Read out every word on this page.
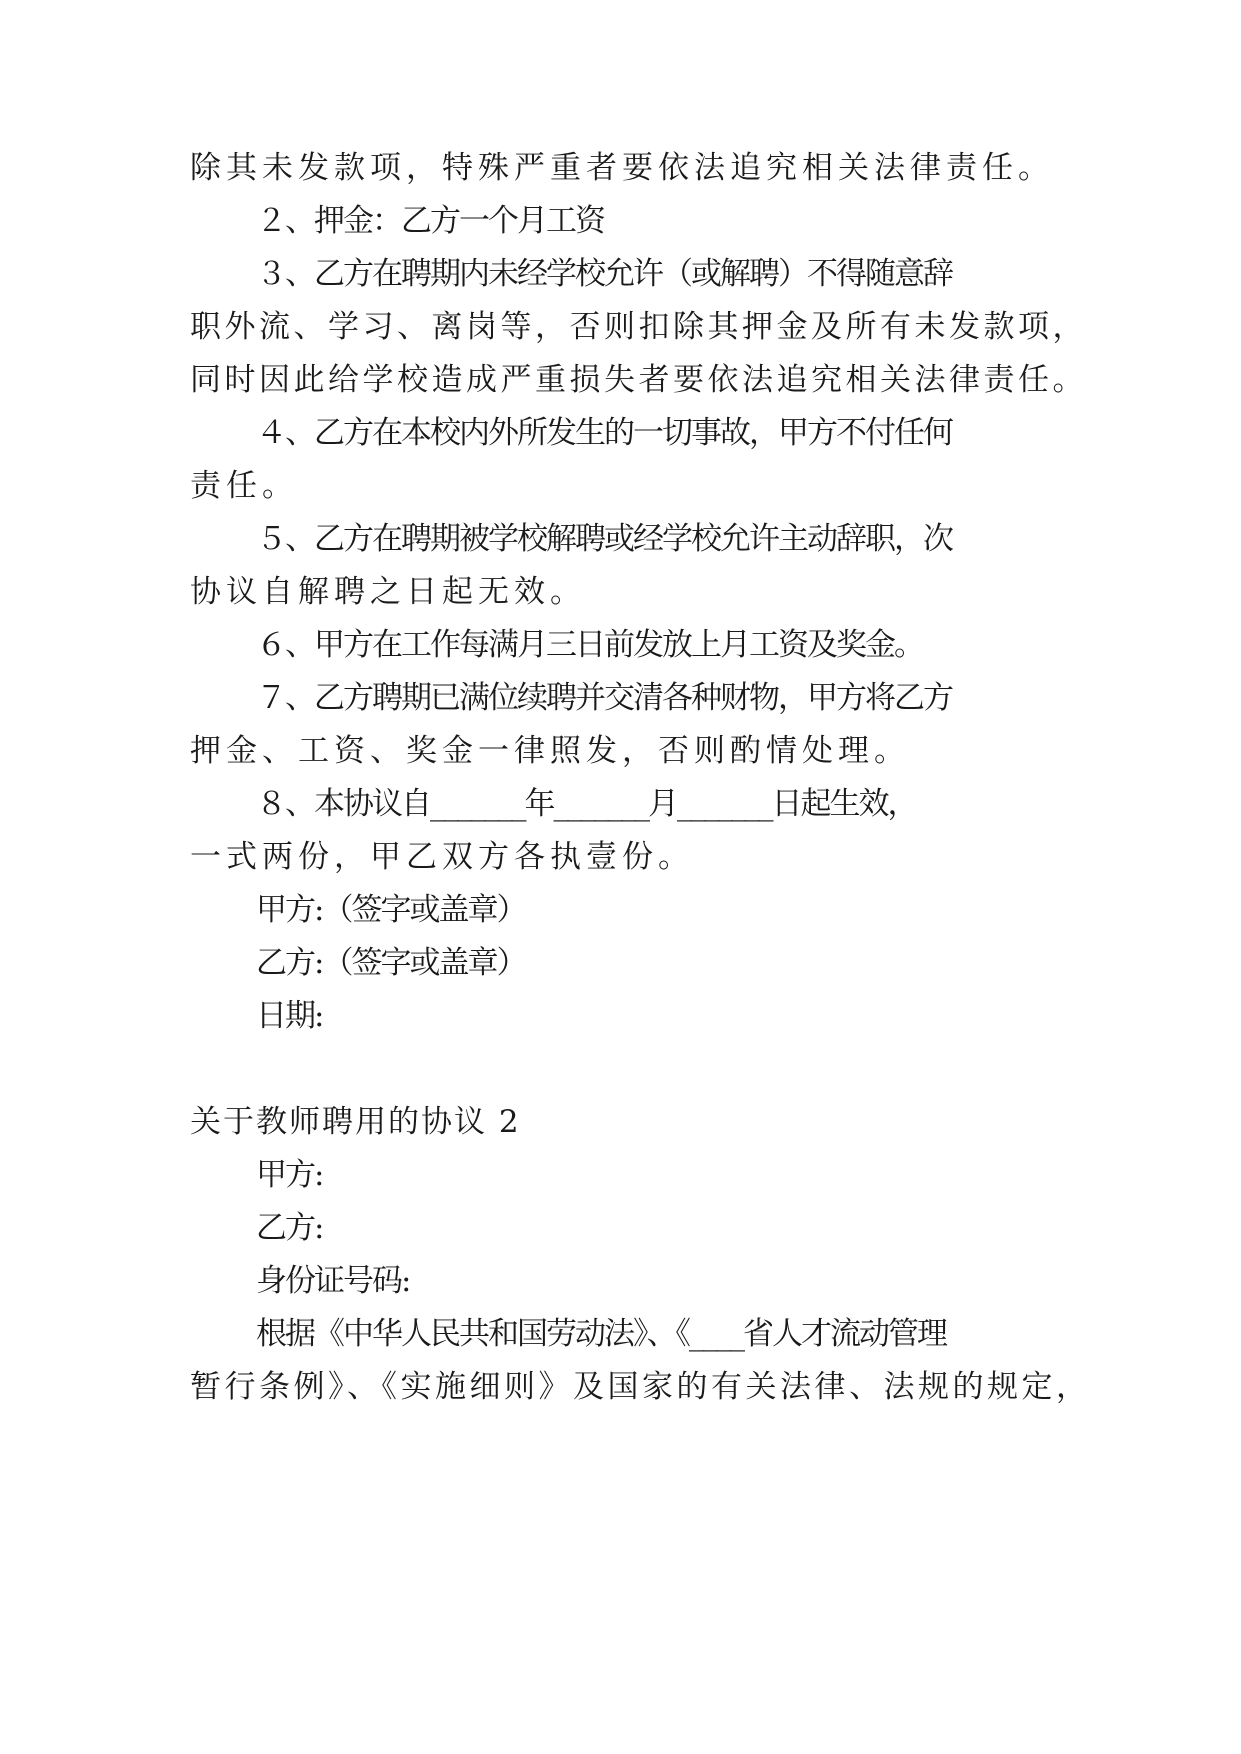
除其未发款项，特殊严重者要依法追究相关法律责任。
２、押金：乙方一个月工资
３、乙方在聘期内未经学校允许（或解聘）不得随意辞
职外流、学习、离岗等，否则扣除其押金及所有未发款项，
同时因此给学校造成严重损失者要依法追究相关法律责任。
４、乙方在本校内外所发生的一切事故，甲方不付任何
责任。
５、乙方在聘期被学校解聘或经学校允许主动辞职，次
协议自解聘之日起无效。
６、甲方在工作每满月三日前发放上月工资及奖金。
７、乙方聘期已满位续聘并交清各种财物，甲方将乙方
押金、工资、奖金一律照发，否则酌情处理。
８、本协议自_______年_______月_______日起生效，
一式两份，甲乙双方各执壹份。
甲方:（签字或盖章）
乙方:（签字或盖章）
日期:
关于教师聘用的协议 2
甲方:
乙方:
身份证号码:
根据《中华人民共和国劳动法》、《____省人才流动管理
暂行条例》、《实施细则》及国家的有关法律、法规的规定，
